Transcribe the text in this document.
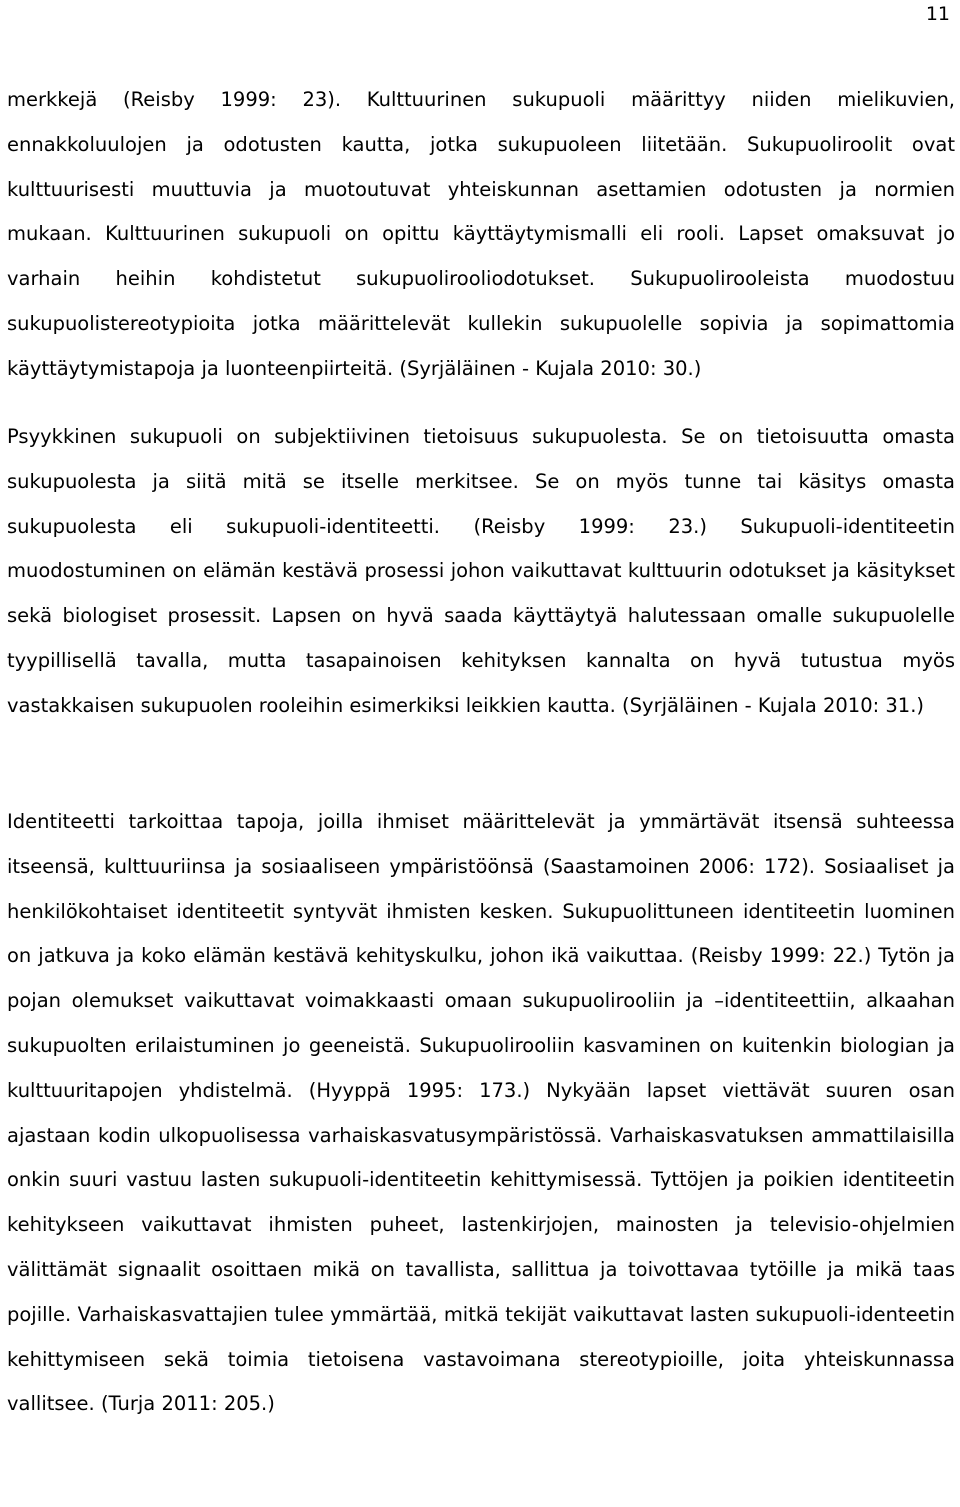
11

merkkejä (Reisby 1999: 23). Kulttuurinen sukupuoli määrittyy niiden mielikuvien, ennakkoluulojen ja odotusten kautta, jotka sukupuoleen liitetään. Sukupuoliroolit ovat kulttuurisesti muuttuvia ja muotoutuvat yhteiskunnan asettamien odotusten ja normien mukaan. Kulttuurinen sukupuoli on opittu käyttäytymismalli eli rooli. Lapset omaksuvat jo varhain heihin kohdistetut sukupuolirooliodotukset. Sukupuolirooleista muodostuu sukupuolistereotypioita jotka määrittelevät kullekin sukupuolelle sopivia ja sopimattomia käyttäytymistapoja ja luonteenpiirteitä. (Syrjäläinen - Kujala 2010: 30.)

Psyykkinen sukupuoli on subjektiivinen tietoisuus sukupuolesta. Se on tietoisuutta omasta sukupuolesta ja siitä mitä se itselle merkitsee. Se on myös tunne tai käsitys omasta sukupuolesta eli sukupuoli-identiteetti. (Reisby 1999: 23.) Sukupuoli-identiteetin muodostuminen on elämän kestävä prosessi johon vaikuttavat kulttuurin odotukset ja käsitykset sekä biologiset prosessit. Lapsen on hyvä saada käyttäytyä halutessaan omalle sukupuolelle tyypillisellä tavalla, mutta tasapainoisen kehityksen kannalta on hyvä tutustua myös vastakkaisen sukupuolen rooleihin esimerkiksi leikkien kautta. (Syrjäläinen - Kujala 2010: 31.)

Identiteetti tarkoittaa tapoja, joilla ihmiset määrittelevät ja ymmärtävät itsensä suhteessa itseensä, kulttuuriinsa ja sosiaaliseen ympäristöönsä (Saastamoinen 2006: 172). Sosiaaliset ja henkilökohtaiset identiteetit syntyvät ihmisten kesken. Sukupuolittuneen identiteetin luominen on jatkuva ja koko elämän kestävä kehityskulku, johon ikä vaikuttaa. (Reisby 1999: 22.) Tytön ja pojan olemukset vaikuttavat voimakkaasti omaan sukupuolirooliin ja –identiteettiin, alkaahan sukupuolten erilaistuminen jo geeneistä. Sukupuolirooliin kasvaminen on kuitenkin biologian ja kulttuuritapojen yhdistelmä. (Hyyppä 1995: 173.) Nykyään lapset viettävät suuren osan ajastaan kodin ulkopuolisessa varhaiskasvatusympäristössä. Varhaiskasvatuksen ammattilaisilla onkin suuri vastuu lasten sukupuoli-identiteetin kehittymisessä. Tyttöjen ja poikien identiteetin kehitykseen vaikuttavat ihmisten puheet, lastenkirjojen, mainosten ja televisio-ohjelmien välittämät signaalit osoittaen mikä on tavallista, sallittua ja toivottavaa tytöille ja mikä taas pojille. Varhaiskasvattajien tulee ymmärtää, mitkä tekijät vaikuttavat lasten sukupuoli-identeetin kehittymiseen sekä toimia tietoisena vastavoimana stereotypioille, joita yhteiskunnassa vallitsee. (Turja 2011: 205.)
